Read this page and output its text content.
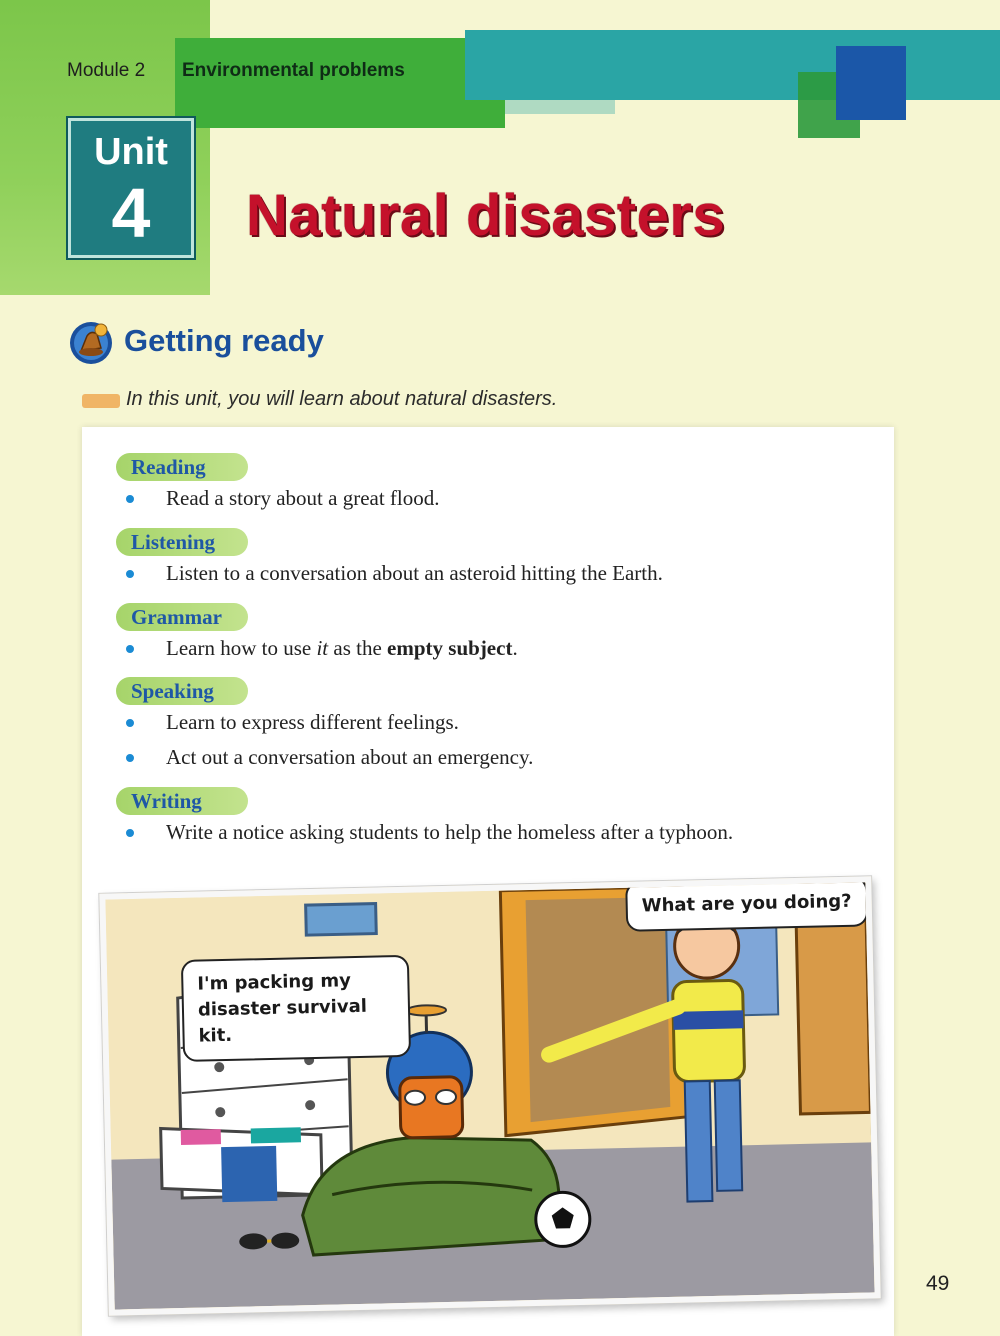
Module 2 Environmental problems
Unit
4	Natural disasters
Getting ready
In this unit, you will learn about natural disasters.
Reading
Read a story about a great flood.
Listening
Listen to a conversation about an asteroid hitting the Earth.
Grammar
Learn how to use it as the empty subject.
Speaking
Learn to express different feelings.
Act out a conversation about an emergency.
Writing
Write a notice asking students to help the homeless after a typhoon.
I'm packing my
disaster survival kit.
What are you doing?
49
